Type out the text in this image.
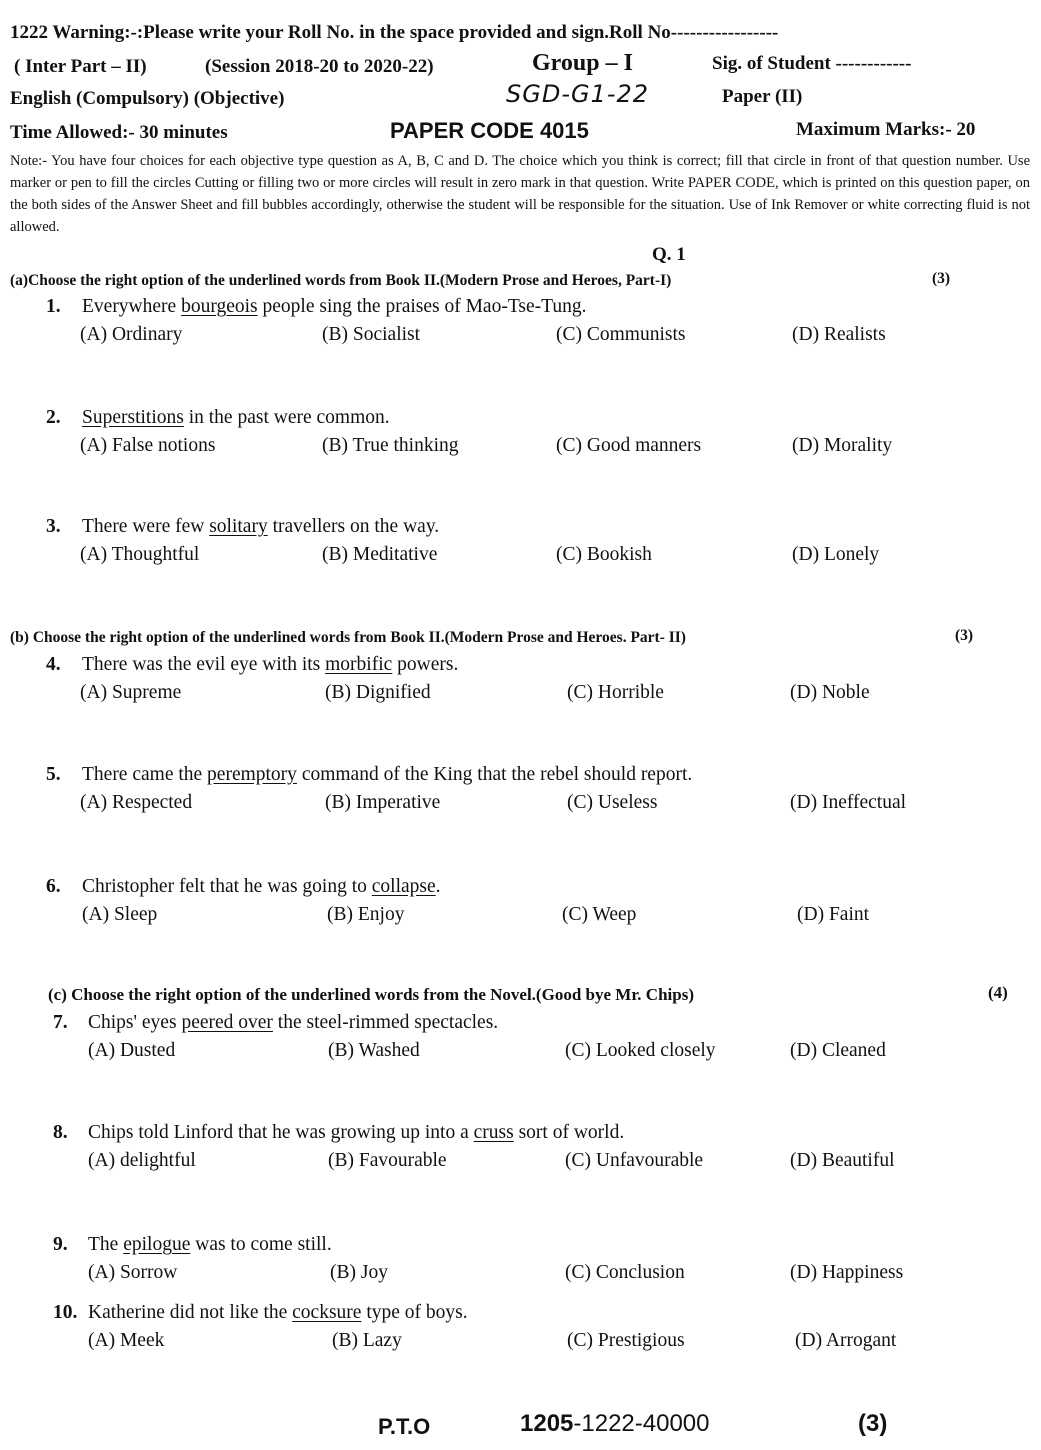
1222 Warning:-:Please write your Roll No. in the space provided and sign.Roll No-----------------
( Inter Part – II)	(Session 2018-20 to 2020-22)	Group – I	Sig. of Student ------------
English (Compulsory) (Objective)	SGD-G1-22	Paper (II)
Time Allowed:- 30 minutes	PAPER CODE 4015	Maximum Marks:- 20
Note:- You have four choices for each objective type question as A, B, C and D. The choice which you think is correct; fill that circle in front of that question number. Use marker or pen to fill the circles Cutting or filling two or more circles will result in zero mark in that question. Write PAPER CODE, which is printed on this question paper, on the both sides of the Answer Sheet and fill bubbles accordingly, otherwise the student will be responsible for the situation. Use of Ink Remover or white correcting fluid is not allowed.
Q. 1
(a)Choose the right option of the underlined words from Book II.(Modern Prose and Heroes, Part-I)	(3)
(b) Choose the right option of the underlined words from Book II.(Modern Prose and Heroes. Part- II)	(3)
(c) Choose the right option of the underlined words from the Novel.(Good bye Mr. Chips)	(4)
1. Everywhere bourgeois people sing the praises of Mao-Tse-Tung.
(A) Ordinary	(B) Socialist	(C) Communists	(D) Realists
2. Superstitions in the past were common.
(A) False notions	(B) True thinking	(C) Good manners	(D) Morality
3. There were few solitary travellers on the way.
(A) Thoughtful	(B) Meditative	(C) Bookish	(D) Lonely
4. There was the evil eye with its morbific powers.
(A) Supreme	(B) Dignified	(C) Horrible	(D) Noble
5. There came the peremptory command of the King that the rebel should report.
(A) Respected	(B) Imperative	(C) Useless	(D) Ineffectual
6. Christopher felt that he was going to collapse.
(A) Sleep	(B) Enjoy	(C) Weep	(D) Faint
7. Chips' eyes peered over the steel-rimmed spectacles.
(A) Dusted	(B) Washed	(C) Looked closely	(D) Cleaned
8. Chips told Linford that he was growing up into a cruss sort of world.
(A) delightful	(B) Favourable	(C) Unfavourable	(D) Beautiful
9. The epilogue was to come still.
(A) Sorrow	(B) Joy	(C) Conclusion	(D) Happiness
10. Katherine did not like the cocksure type of boys.
(A) Meek	(B) Lazy	(C) Prestigious	(D) Arrogant
P.T.O	1205-1222-40000	(3)
